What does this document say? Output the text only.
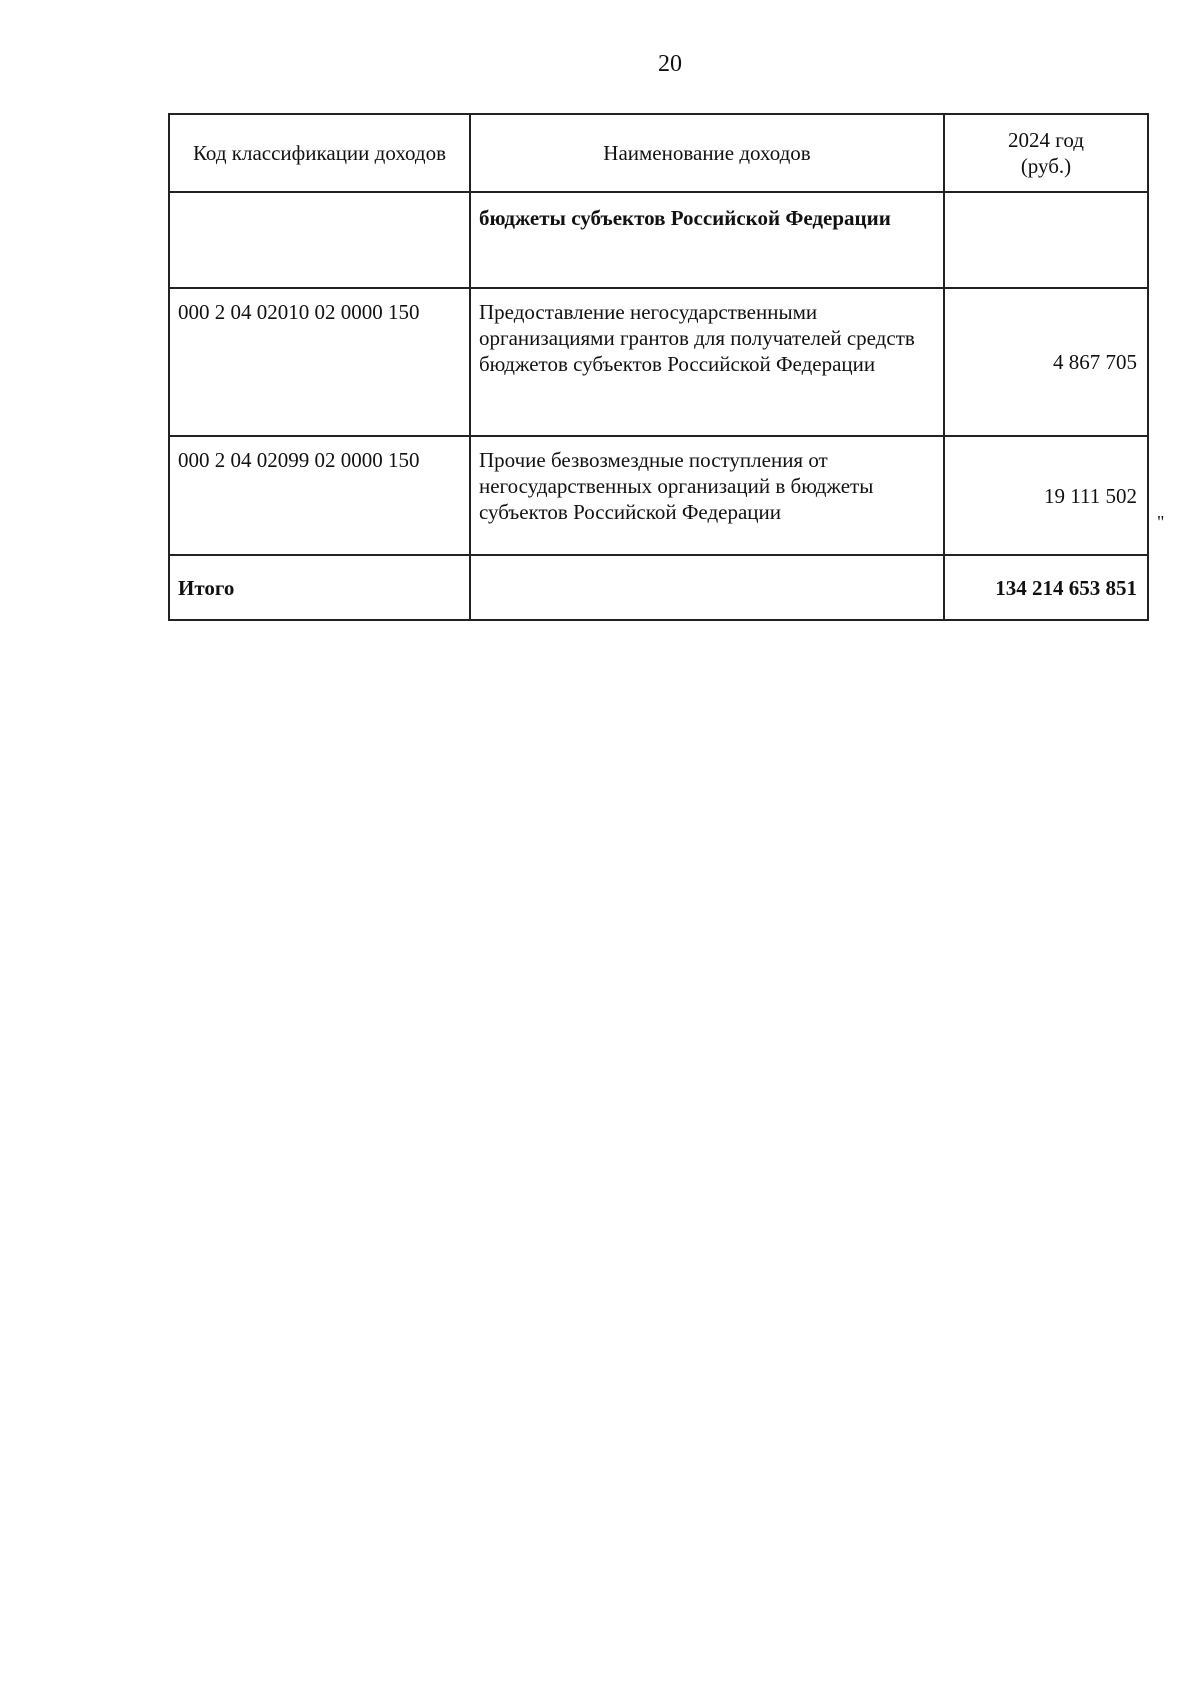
20
Код классификации доходов	Наименование доходов	2024 год
(руб.)

	бюджеты субъектов Российской Федерации	
000 2 04 02010 02 0000 150	Предоставление негосударственными организациями грантов для получателей средств бюджетов субъектов Российской Федерации	4 867 705
000 2 04 02099 02 0000 150	Прочие безвозмездные поступления от негосударственных организаций в бюджеты субъектов Российской Федерации	19 111 502
Итого		134 214 653 851
"
